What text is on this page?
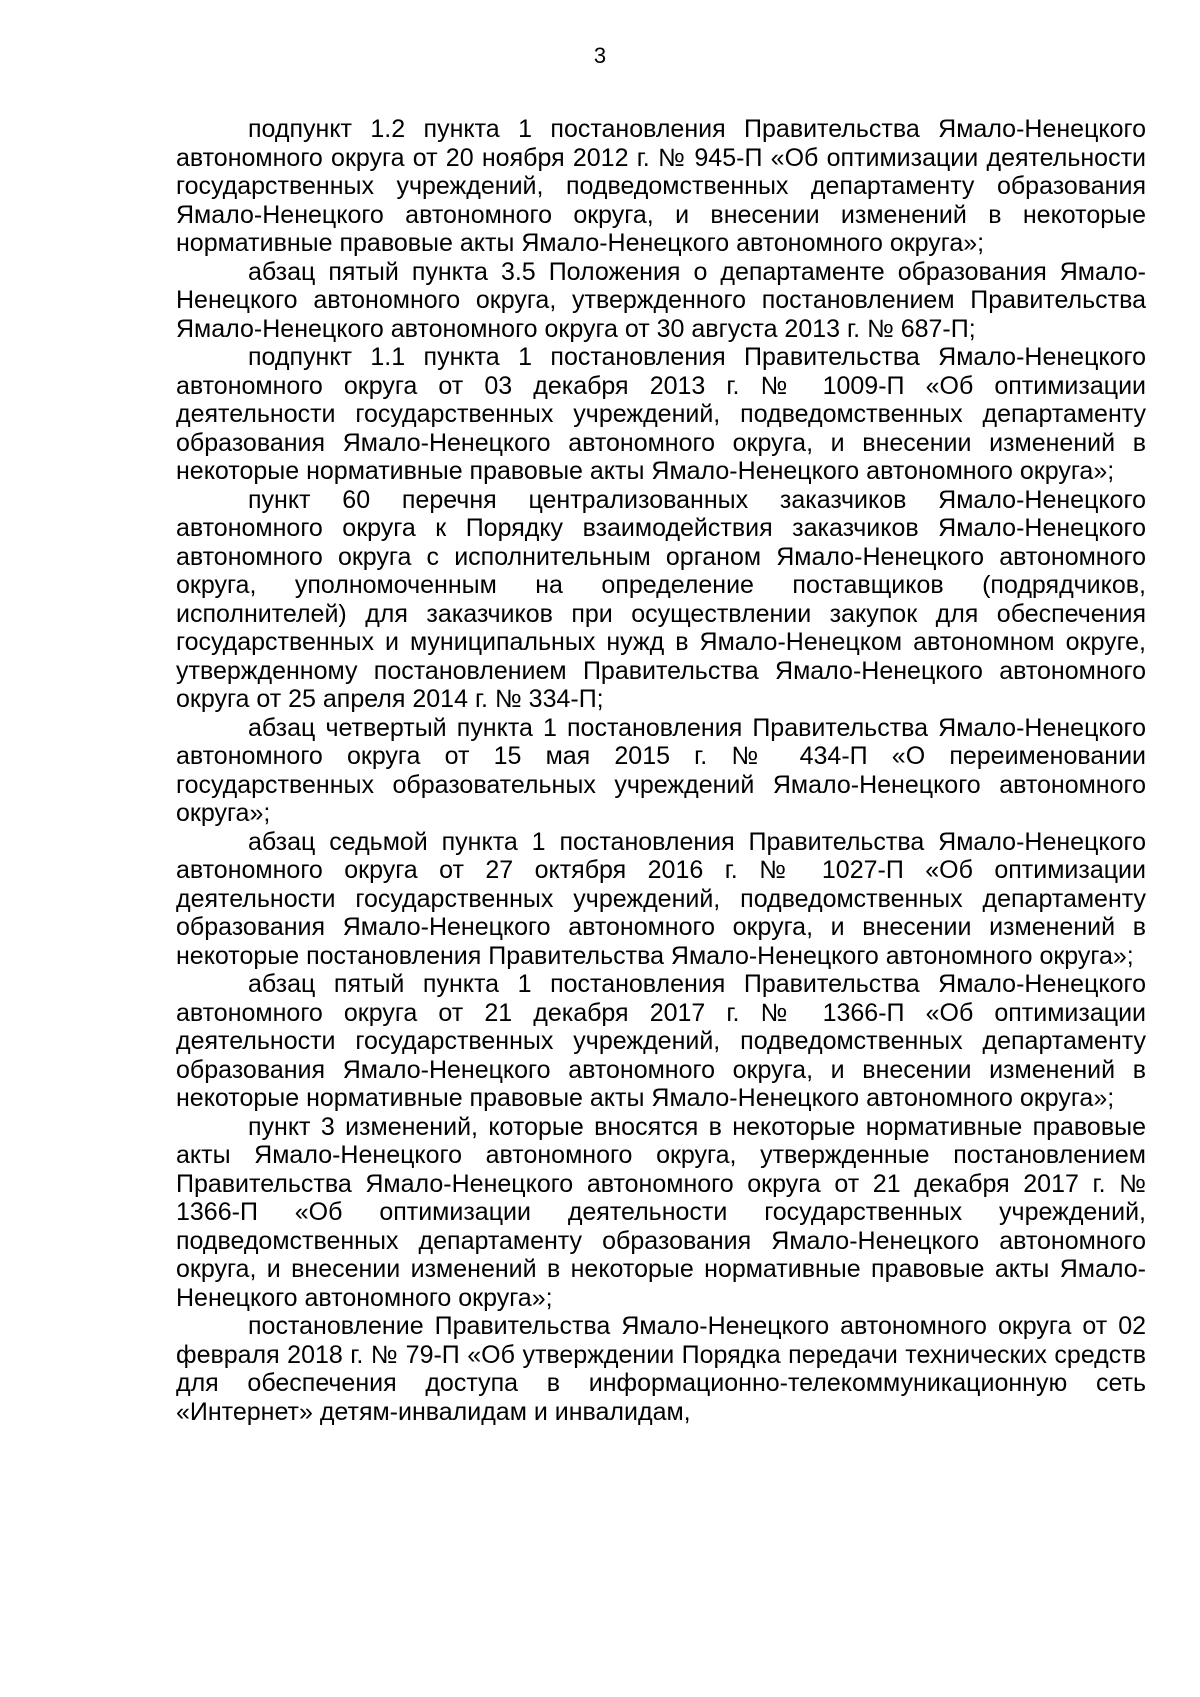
3

подпункт 1.2 пункта 1 постановления Правительства Ямало-Ненецкого автономного округа от 20 ноября 2012 г. № 945-П «Об оптимизации деятельности государственных учреждений, подведомственных департаменту образования Ямало-Ненецкого автономного округа, и внесении изменений в некоторые нормативные правовые акты Ямало-Ненецкого автономного округа»;

абзац пятый пункта 3.5 Положения о департаменте образования Ямало-Ненецкого автономного округа, утвержденного постановлением Правительства Ямало-Ненецкого автономного округа от 30 августа 2013 г. № 687-П;

подпункт 1.1 пункта 1 постановления Правительства Ямало-Ненецкого автономного округа от 03 декабря 2013 г. № 1009-П «Об оптимизации деятельности государственных учреждений, подведомственных департаменту образования Ямало-Ненецкого автономного округа, и внесении изменений в некоторые нормативные правовые акты Ямало-Ненецкого автономного округа»;

пункт 60 перечня централизованных заказчиков Ямало-Ненецкого автономного округа к Порядку взаимодействия заказчиков Ямало-Ненецкого автономного округа с исполнительным органом Ямало-Ненецкого автономного округа, уполномоченным на определение поставщиков (подрядчиков, исполнителей) для заказчиков при осуществлении закупок для обеспечения государственных и муниципальных нужд в Ямало-Ненецком автономном округе, утвержденному постановлением Правительства Ямало-Ненецкого автономного округа от 25 апреля 2014 г. № 334-П;

абзац четвертый пункта 1 постановления Правительства Ямало-Ненецкого автономного округа от 15 мая 2015 г. № 434-П «О переименовании государственных образовательных учреждений Ямало-Ненецкого автономного округа»;

абзац седьмой пункта 1 постановления Правительства Ямало-Ненецкого автономного округа от 27 октября 2016 г. № 1027-П «Об оптимизации деятельности государственных учреждений, подведомственных департаменту образования Ямало-Ненецкого автономного округа, и внесении изменений в некоторые постановления Правительства Ямало-Ненецкого автономного округа»;

абзац пятый пункта 1 постановления Правительства Ямало-Ненецкого автономного округа от 21 декабря 2017 г. № 1366-П «Об оптимизации деятельности государственных учреждений, подведомственных департаменту образования Ямало-Ненецкого автономного округа, и внесении изменений в некоторые нормативные правовые акты Ямало-Ненецкого автономного округа»;

пункт 3 изменений, которые вносятся в некоторые нормативные правовые акты Ямало-Ненецкого автономного округа, утвержденные постановлением Правительства Ямало-Ненецкого автономного округа от 21 декабря 2017 г. № 1366-П «Об оптимизации деятельности государственных учреждений, подведомственных департаменту образования Ямало-Ненецкого автономного округа, и внесении изменений в некоторые нормативные правовые акты Ямало-Ненецкого автономного округа»;

постановление Правительства Ямало-Ненецкого автономного округа от 02 февраля 2018 г. № 79-П «Об утверждении Порядка передачи технических средств для обеспечения доступа в информационно-телекоммуникационную сеть «Интернет» детям-инвалидам и инвалидам,
